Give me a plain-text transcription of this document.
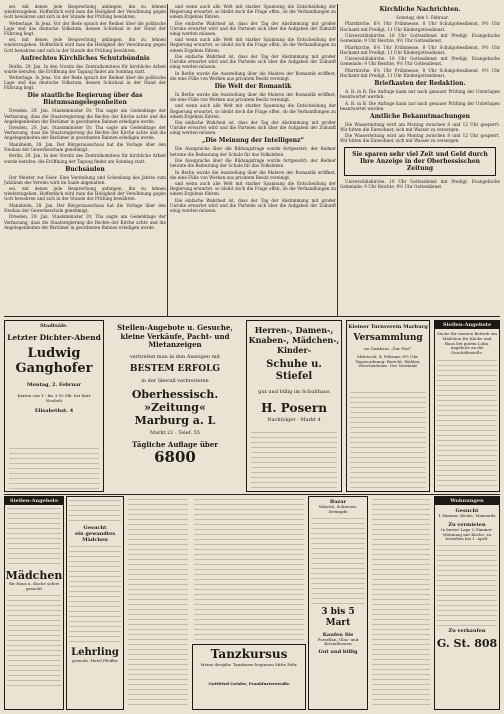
sei, mit denen jede Besprechung anfangen, ihn zu lehnen wiederzugeben. Hoffentlich wird man die Heiligkeit der Versöhnung gegen Gott bewahren und sich in der Stunde der Prüfung bewähren.

Wetterlage. In Jena. Vor der Rede sprach der Redner über die politische Lage und das deutsche Volkstum, dessen Schicksal in der Hand der Führung liegt.

sei, mit denen jede Besprechung anfangen, ihn zu lehnen wiederzugeben. Hoffentlich wird man die Heiligkeit der Versöhnung gegen Gott bewahren und sich in der Stunde der Prüfung bewähren.

Aufrechtes Kirchliches Schutzbündnis

Berlin, 29. Jan. In den Vorsitz des Zentralkomitees für kirchliche Arbeit wurde berufen; die Eröffnung der Tagung findet am Sonntag statt.

Wetterlage. In Jena. Vor der Rede sprach der Redner über die politische Lage und das deutsche Volkstum, dessen Schicksal in der Hand der Führung liegt.

Die staatliche Regierung über das Bistumsangelegenheiten

Dresden, 29. Jan. Staatsminister Dr. Tha sagte am Gedenktage der Verfassung, dass die Staatsregierung die Rechte der Kirche achte und die Angelegenheiten der Bistümer in geordneten Bahnen erledigen werde.

Dresden, 29. Jan. Staatsminister Dr. Tha sagte am Gedenktage der Verfassung, dass die Staatsregierung die Rechte der Kirche achte und die Angelegenheiten der Bistümer in geordneten Bahnen erledigen werde.

Mannheim, 28. Jan. Der Bürgerausschuss hat die Vorlage über den Neubau der Gewerbeschule genehmigt.

Berlin, 29. Jan. In den Vorsitz des Zentralkomitees für kirchliche Arbeit wurde berufen; die Eröffnung der Tagung findet am Sonntag statt.

Buchsäulen

Der Meister zur Feier. Eine Vorstellung und Schenkung des Jahres zum Jubiläum des Vereins wird im Saale abgehalten.

sei, mit denen jede Besprechung anfangen, ihn zu lehnen wiederzugeben. Hoffentlich wird man die Heiligkeit der Versöhnung gegen Gott bewahren und sich in der Stunde der Prüfung bewähren.

Mannheim, 28. Jan. Der Bürgerausschuss hat die Vorlage über den Neubau der Gewerbeschule genehmigt.

Dresden, 29. Jan. Staatsminister Dr. Tha sagte am Gedenktage der Verfassung, dass die Staatsregierung die Rechte der Kirche achte und die Angelegenheiten der Bistümer in geordneten Bahnen erledigen werde.

und wenn auch alle Welt mit starker Spannung die Entscheidung der Regierung erwartet, so bleibt doch die Frage offen, ob die Verhandlungen zu einem Ergebnis führen.

Die einfache Wahrheit ist, dass der Tag der Abstimmung mit großer Unruhe erwartet wird und die Parteien sich über die Aufgaben der Zukunft einig werden müssen.

und wenn auch alle Welt mit starker Spannung die Entscheidung der Regierung erwartet, so bleibt doch die Frage offen, ob die Verhandlungen zu einem Ergebnis führen.

Die einfache Wahrheit ist, dass der Tag der Abstimmung mit großer Unruhe erwartet wird und die Parteien sich über die Aufgaben der Zukunft einig werden müssen.

In Berlin wurde die Ausstellung über die Malerei der Romantik eröffnet, die eine Fülle von Werken aus privatem Besitz vereinigt.

Die Welt der Romantik

In Berlin wurde die Ausstellung über die Malerei der Romantik eröffnet, die eine Fülle von Werken aus privatem Besitz vereinigt.

und wenn auch alle Welt mit starker Spannung die Entscheidung der Regierung erwartet, so bleibt doch die Frage offen, ob die Verhandlungen zu einem Ergebnis führen.

Die einfache Wahrheit ist, dass der Tag der Abstimmung mit großer Unruhe erwartet wird und die Parteien sich über die Aufgaben der Zukunft einig werden müssen.

„Die Meinung der Intelligenz“

Die Aussprache über die Bildungsfrage wurde fortgesetzt; der Redner betonte die Bedeutung der Schule für das Volksleben.

Die Aussprache über die Bildungsfrage wurde fortgesetzt; der Redner betonte die Bedeutung der Schule für das Volksleben.

In Berlin wurde die Ausstellung über die Malerei der Romantik eröffnet, die eine Fülle von Werken aus privatem Besitz vereinigt.

und wenn auch alle Welt mit starker Spannung die Entscheidung der Regierung erwartet, so bleibt doch die Frage offen, ob die Verhandlungen zu einem Ergebnis führen.

Die einfache Wahrheit ist, dass der Tag der Abstimmung mit großer Unruhe erwartet wird und die Parteien sich über die Aufgaben der Zukunft einig werden müssen.

Kirchliche Nachrichten.

Sonntag, den 1. Februar.

Pfarrkirche. 6½ Uhr Frühmesse, 8 Uhr Schulgottesdienst, 9½ Uhr Hochamt mit Predigt, 11 Uhr Kindergottesdienst.

Universitätskirche. 10 Uhr Gottesdienst mit Predigt. Evangelische Gemeinde: 9 Uhr Beichte, 9½ Uhr Gottesdienst.

Pfarrkirche. 6½ Uhr Frühmesse, 8 Uhr Schulgottesdienst, 9½ Uhr Hochamt mit Predigt, 11 Uhr Kindergottesdienst.

Universitätskirche. 10 Uhr Gottesdienst mit Predigt. Evangelische Gemeinde: 9 Uhr Beichte, 9½ Uhr Gottesdienst.

Pfarrkirche. 6½ Uhr Frühmesse, 8 Uhr Schulgottesdienst, 9½ Uhr Hochamt mit Predigt, 11 Uhr Kindergottesdienst.

Briefkasten der Redaktion.

A. B. in B. Die Anfrage kann nur nach genauer Prüfung der Unterlagen beantwortet werden.

A. B. in B. Die Anfrage kann nur nach genauer Prüfung der Unterlagen beantwortet werden.

Amtliche Bekanntmachungen

Die Wasserleitung wird am Montag zwischen 8 und 12 Uhr gesperrt. Wir bitten die Einwohner, sich mit Wasser zu versorgen.

Die Wasserleitung wird am Montag zwischen 8 und 12 Uhr gesperrt. Wir bitten die Einwohner, sich mit Wasser zu versorgen.

Sie sparen sehr viel Zeit und Geld durch Ihre Anzeige in der Oberhessischen Zeitung

Universitätskirche. 10 Uhr Gottesdienst mit Predigt. Evangelische Gemeinde: 9 Uhr Beichte, 9½ Uhr Gottesdienst.

Stadtsäle.
Letzter Dichter-Abend
Ludwig Ganghofer
Montag, 2. Februar
Karten von 1.- bis 3.50 Mk. bei Kurt Neubelt
Elisabethst. 4
Stellen-Angebote u. Gesuche, kleine Verkäufe, Pacht- und Mietanzeigen
verbreitet man in den Anzeigen mit
BESTEM ERFOLG
in der überall verbreiteten
Oberhessisch. »Zeitung«
Marburg a. L
Markt 21 · Telef. 55
Tägliche Auflage über
6800
Herren-, Damen-, Knaben-, Mädchen-, Kinder-
Schuhe u. Stiefel
gut und billig im Schuhhaus
H. Posern
Nachfolger · Markt 4
Kleiner Turnverein Marburg
Versammlung
im Gasthaus „Zur Post“
Mittwoch, 4. Februar, 8½ Uhr. Tagesordnung: Bericht, Wahlen, Verschiedenes. Der Vorstand.
Stellen-Angebote
Suche für meinen Betrieb ein Mädchen für Küche und Haus bei gutem Lohn. Angebote an die Geschäftsstelle.
Stellen-Angebote
Mädchen
für Haus u. Küche sofort gesucht
Gesucht
ein gewandtes Mädchen
Lehrling
gesucht. Hotel Pfeiffer	Tanzkursus
Meine diesjähr. Tanzkurse beginnen Mitte Febr.
Gottfried Geisler, Frankfurterstraße
Bazar
Wäsche, Schürzen, Strümpfe
3 bis 5 Mart
Kaufen Sie
Porzellan, Glas- und Kristallwaren
Gut und billig
Wohnungen
Gesucht
1 Zimmer, Küche, Mansarde
Zu vermieten
In bester Lage 2-Zimmer-Wohnung mit Küche, zu beziehen bis 1. April.
Zu verkaufen
G. St. 808
